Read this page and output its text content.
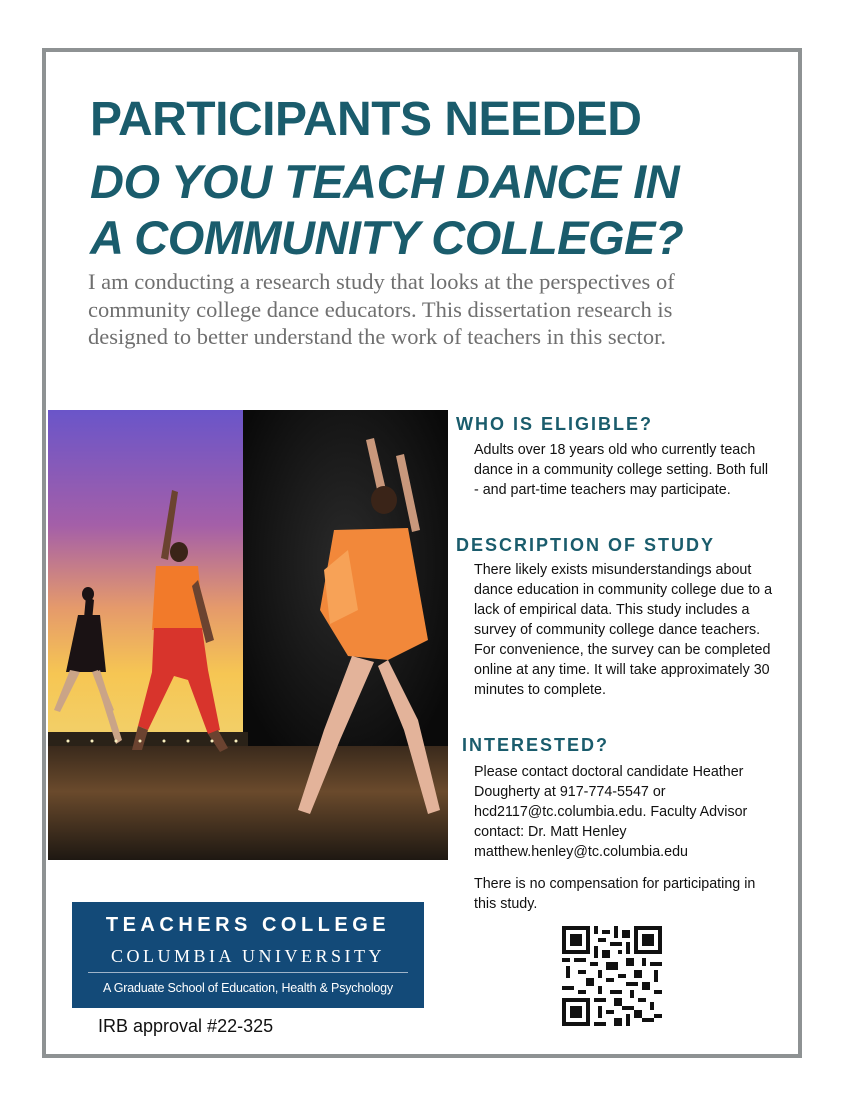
PARTICIPANTS NEEDED
DO YOU TEACH DANCE IN
A COMMUNITY COLLEGE?

I am conducting a research study that looks at the perspectives of community college dance educators. This dissertation research is designed to better understand the work of teachers in this sector.

WHO IS ELIGIBLE?

Adults over 18 years old who currently teach dance in a community college setting. Both full - and part-time teachers may participate.

DESCRIPTION OF STUDY

There likely exists misunderstandings about dance education in community college due to a lack of empirical data. This study includes a survey of community college dance teachers. For convenience, the survey can be completed online at any time. It will take approximately 30 minutes to complete.

INTERESTED?

Please contact doctoral candidate Heather Dougherty at 917-774-5547 or hcd2117@tc.columbia.edu. Faculty Advisor contact: Dr. Matt Henley matthew.henley@tc.columbia.edu

There is no compensation for participating in this study.

TEACHERS COLLEGE
COLUMBIA UNIVERSITY
A Graduate School of Education, Health & Psychology

IRB approval #22-325
